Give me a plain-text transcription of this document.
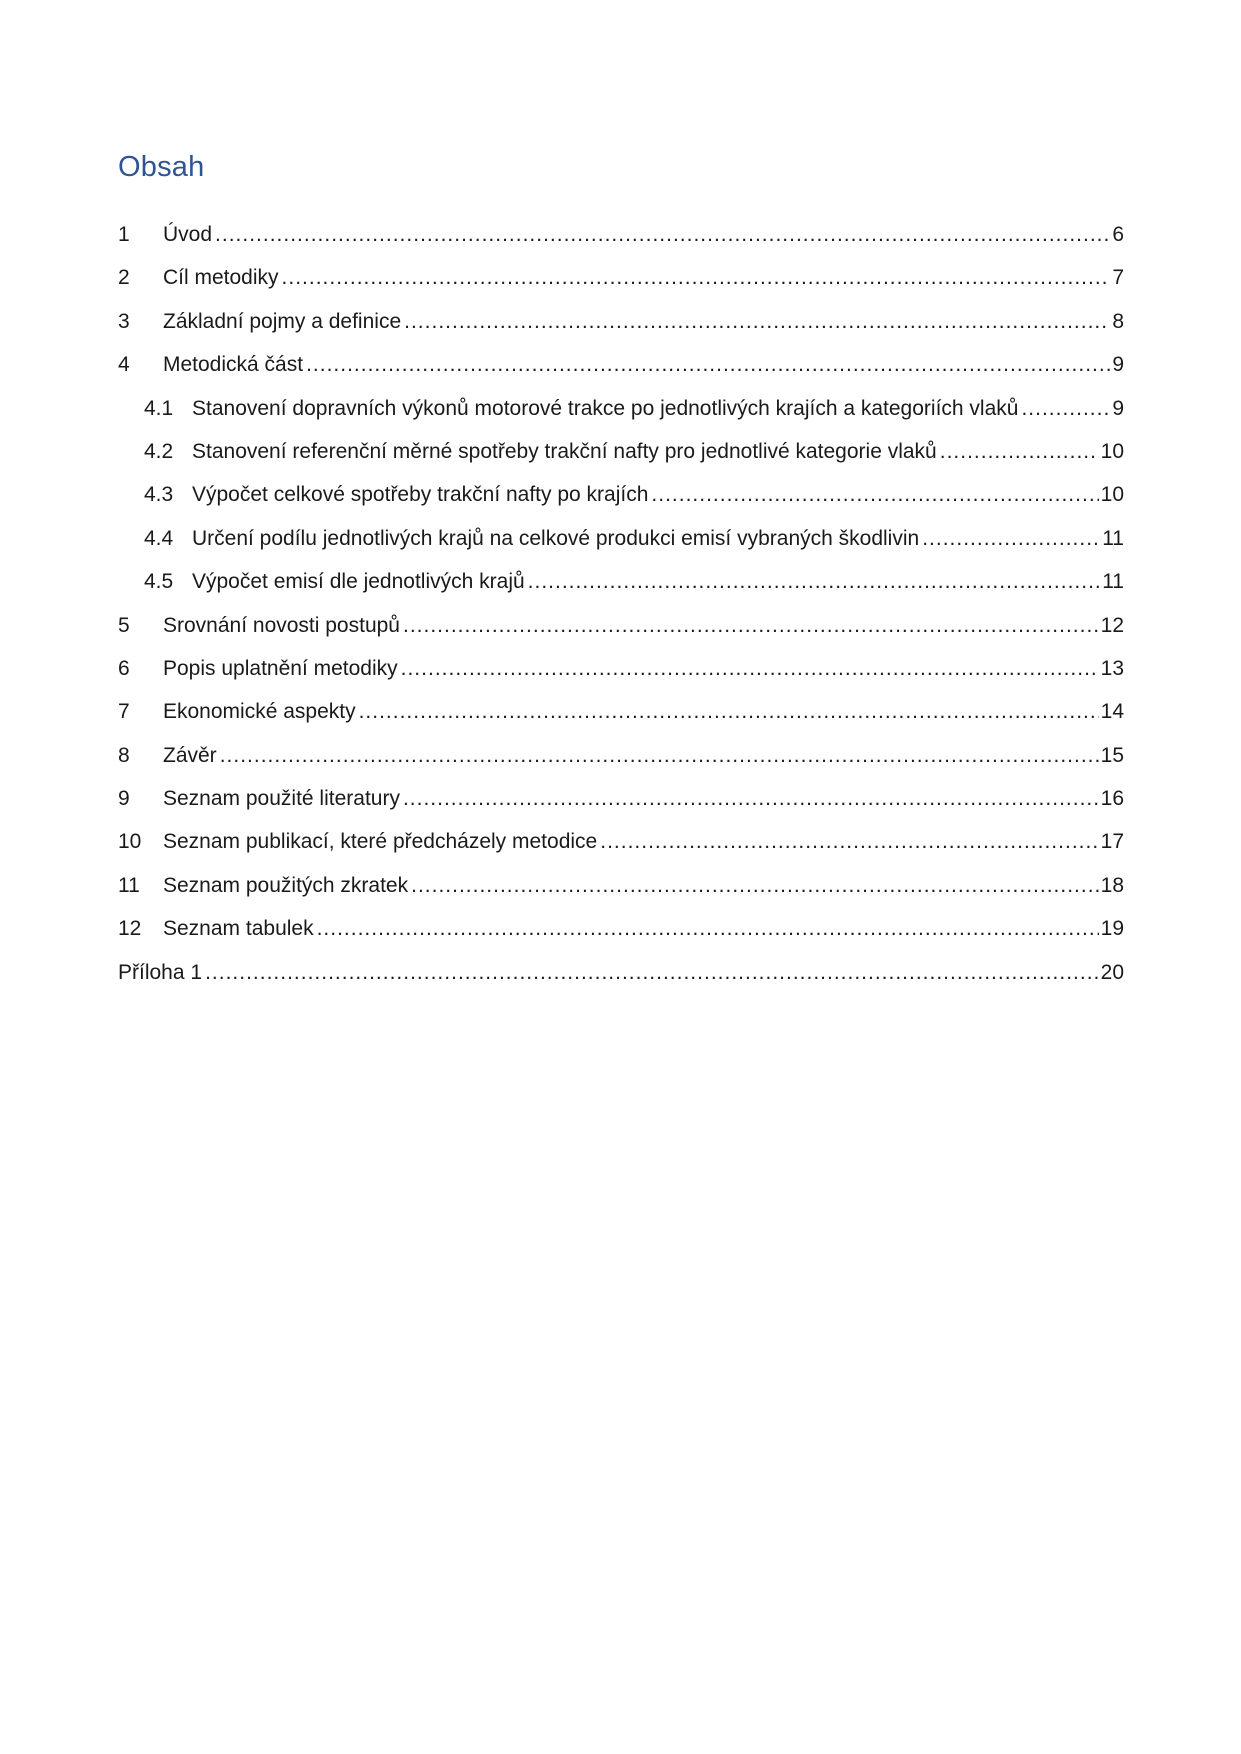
Obsah
1	Úvod .....	6
2	Cíl metodiky .....	7
3	Základní pojmy a definice .....	8
4	Metodická část .....	9
4.1 Stanovení dopravních výkonů motorové trakce po jednotlivých krajích a kategoriích vlaků .....	9
4.2 Stanovení referenční měrné spotřeby trakční nafty pro jednotlivé kategorie vlaků .....	10
4.3 Výpočet celkové spotřeby trakční nafty po krajích .....	10
4.4 Určení podílu jednotlivých krajů na celkové produkci emisí vybraných škodlivin .....	11
4.5 Výpočet emisí dle jednotlivých krajů .....	11
5	Srovnání novosti postupů .....	12
6	Popis uplatnění metodiky .....	13
7	Ekonomické aspekty .....	14
8	Závěr .....	15
9	Seznam použité literatury .....	16
10	Seznam publikací, které předcházely metodice .....	17
11	Seznam použitých zkratek .....	18
12	Seznam tabulek .....	19
Příloha 1 .....	20
